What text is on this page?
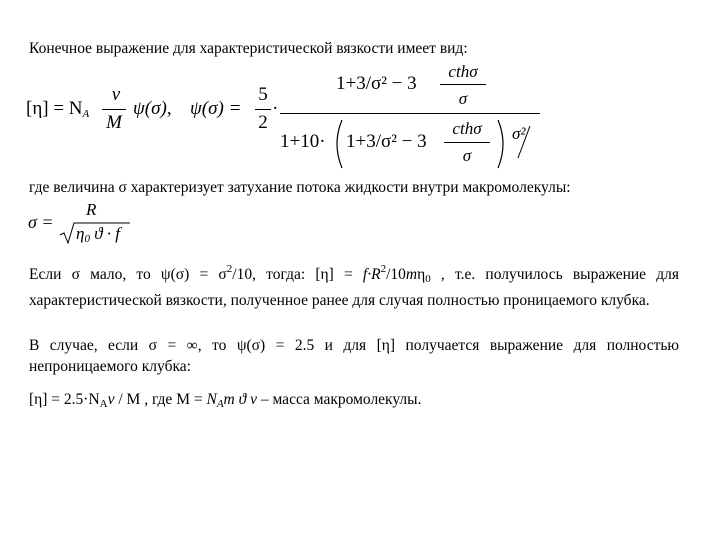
Конечное выражение для характеристической вязкости имеет вид:
$[\eta] = N_A$
v
M
ψ(σ), ψ(σ) =
5
2
·
1+3/σ² − 3
cthσ
σ
1+10· 1+3/σ² − 3
cthσ
σ
σ²
где величина σ характеризует затухание потока жидкости внутри макромолекулы:
σ =
R
$\eta_0$ ϑ · f
Если σ мало, то $\psi(\sigma) = \sigma^2/10$, тогда: $[\eta] = f\cdot R^2/10m\eta_0$ , т.е. получилось выражение для характеристической вязкости, полученное ранее для случая полностью проницаемого клубка.
В случае, если σ = ∞, то ψ(σ) = 2.5 и для [η] получается выражение для полностью непроницаемого клубка:
$[\eta] = 2.5\cdot N_Av / M$ , где $M = N_Am$ ϑ v – масса макромолекулы.
